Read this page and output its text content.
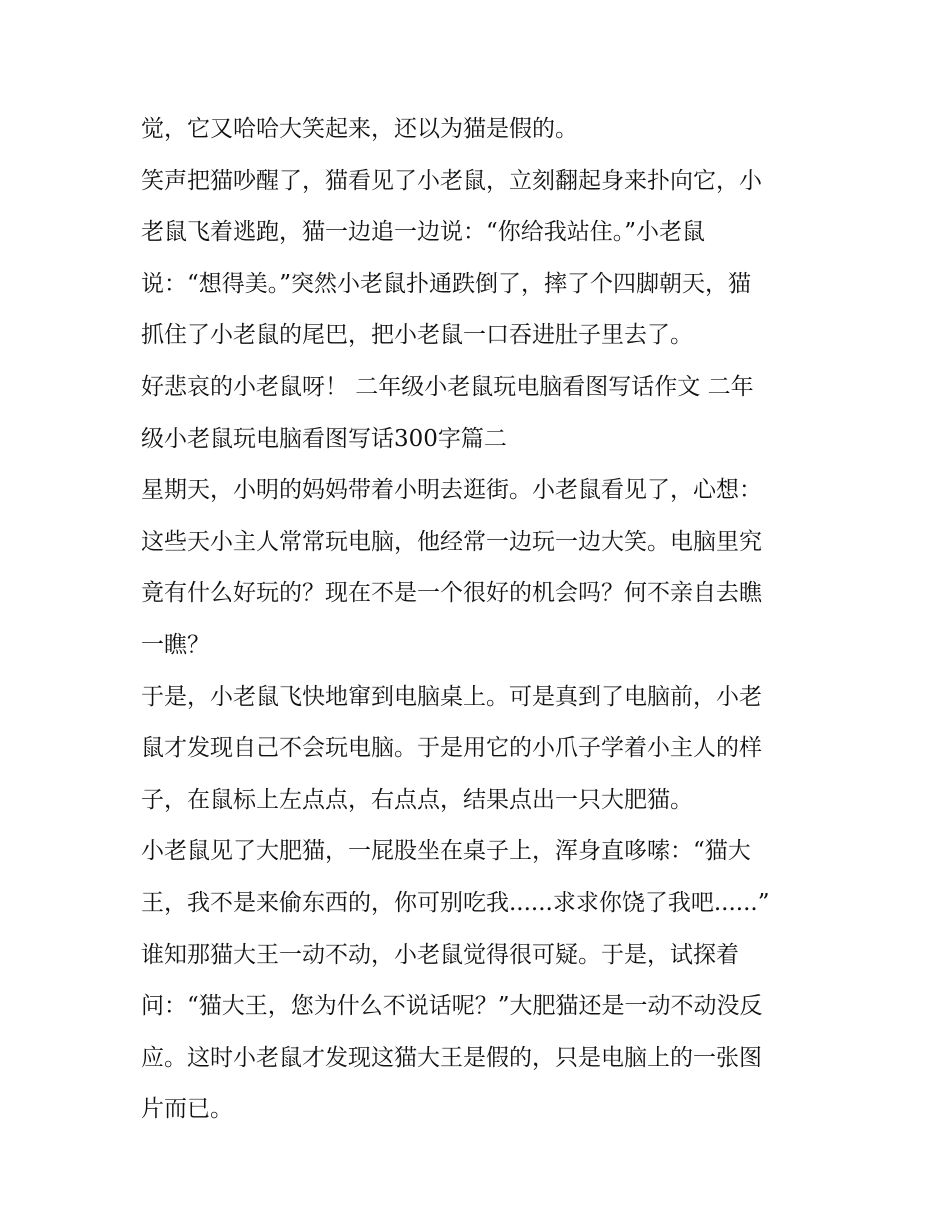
觉，它又哈哈大笑起来，还以为猫是假的。
笑声把猫吵醒了，猫看见了小老鼠，立刻翻起身来扑向它，小
老鼠飞着逃跑，猫一边追一边说：“你给我站住。”小老鼠
说：“想得美。”突然小老鼠扑通跌倒了，摔了个四脚朝天，猫
抓住了小老鼠的尾巴，把小老鼠一口吞进肚子里去了。
好悲哀的小老鼠呀！ 二年级小老鼠玩电脑看图写话作文 二年
级小老鼠玩电脑看图写话300字篇二
星期天，小明的妈妈带着小明去逛街。小老鼠看见了，心想：
这些天小主人常常玩电脑，他经常一边玩一边大笑。电脑里究
竟有什么好玩的？现在不是一个很好的机会吗？何不亲自去瞧
一瞧？
于是，小老鼠飞快地窜到电脑桌上。可是真到了电脑前，小老
鼠才发现自己不会玩电脑。于是用它的小爪子学着小主人的样
子，在鼠标上左点点，右点点，结果点出一只大肥猫。
小老鼠见了大肥猫，一屁股坐在桌子上，浑身直哆嗦：“猫大
王，我不是来偷东西的，你可别吃我......求求你饶了我吧......”
谁知那猫大王一动不动，小老鼠觉得很可疑。于是，试探着
问：“猫大王，您为什么不说话呢？”大肥猫还是一动不动没反
应。这时小老鼠才发现这猫大王是假的，只是电脑上的一张图
片而已。
